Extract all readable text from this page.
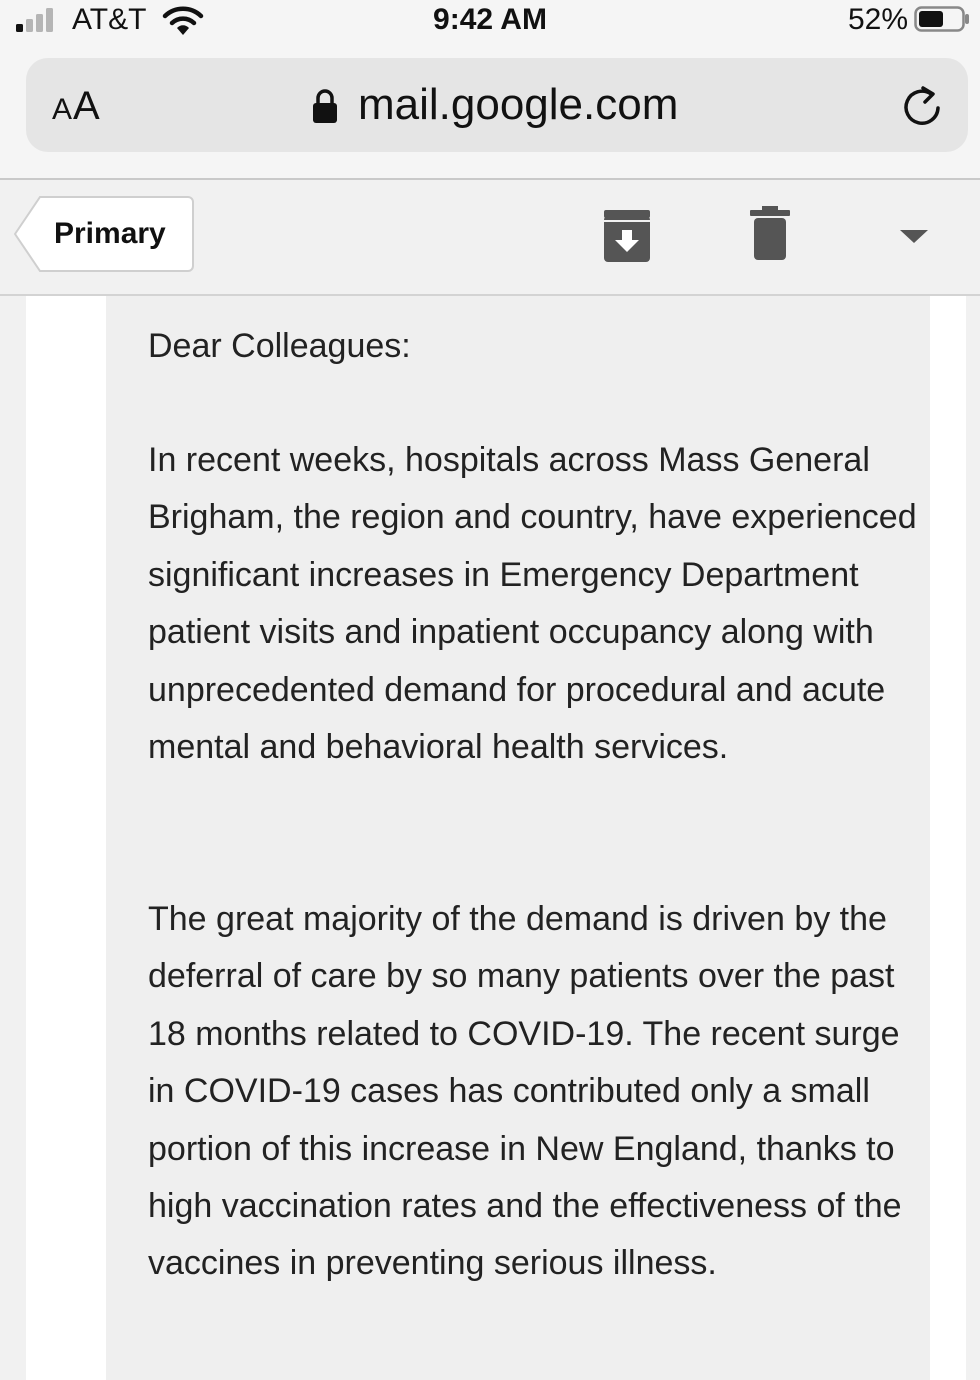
AT&T	9:42 AM	52%
AA	mail.google.com
Primary

Dear Colleagues:

In recent weeks, hospitals across Mass General Brigham, the region and country, have experienced significant increases in Emergency Department patient visits and inpatient occupancy along with unprecedented demand for procedural and acute mental and behavioral health services.

The great majority of the demand is driven by the deferral of care by so many patients over the past 18 months related to COVID-19. The recent surge in COVID-19 cases has contributed only a small portion of this increase in New England, thanks to high vaccination rates and the effectiveness of the vaccines in preventing serious illness.
